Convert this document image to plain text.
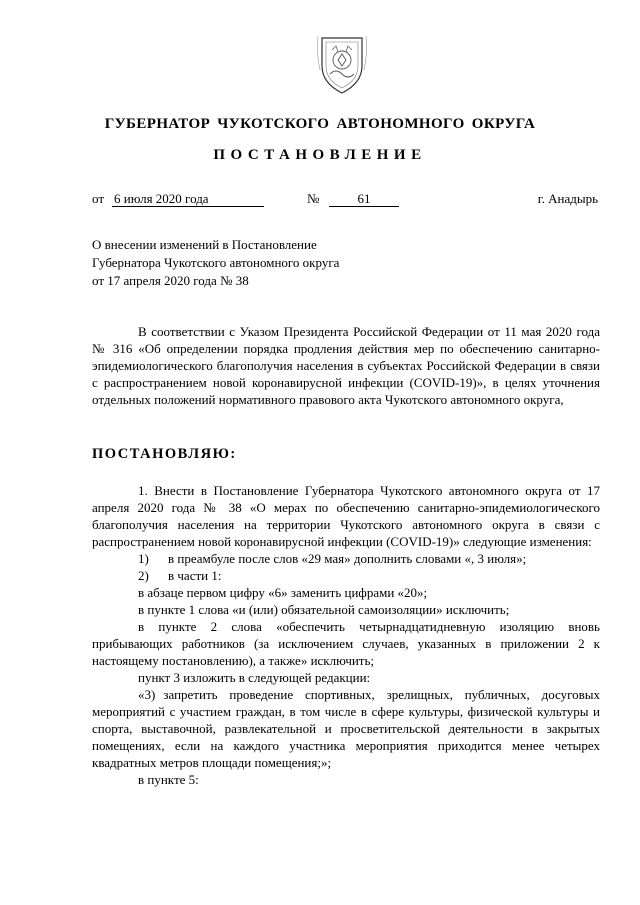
ГУБЕРНАТОР ЧУКОТСКОГО АВТОНОМНОГО ОКРУГА
ПОСТАНОВЛЕНИЕ
от 6 июля 2020 года	№	61	г. Анадырь
О внесении изменений в Постановление
Губернатора Чукотского автономного округа
от 17 апреля 2020 года № 38

В соответствии с Указом Президента Российской Федерации от 11 мая 2020 года № 316 «Об определении порядка продления действия мер по обеспечению санитарно-эпидемиологического благополучия населения в субъектах Российской Федерации в связи с распространением новой коронавирусной инфекции (COVID-19)», в целях уточнения отдельных положений нормативного правового акта Чукотского автономного округа,

ПОСТАНОВЛЯЮ:

1. Внести в Постановление Губернатора Чукотского автономного округа от 17 апреля 2020 года № 38 «О мерах по обеспечению санитарно-эпидемиологического благополучия населения на территории Чукотского автономного округа в связи с распространением новой коронавирусной инфекции (COVID-19)» следующие изменения:

1) в преамбуле после слов «29 мая» дополнить словами «, 3 июля»;

2) в части 1:

в абзаце первом цифру «6» заменить цифрами «20»;

в пункте 1 слова «и (или) обязательной самоизоляции» исключить;

в пункте 2 слова «обеспечить четырнадцатидневную изоляцию вновь прибывающих работников (за исключением случаев, указанных в приложении 2 к настоящему постановлению), а также» исключить;

пункт 3 изложить в следующей редакции:

«3) запретить проведение спортивных, зрелищных, публичных, досуговых мероприятий с участием граждан, в том числе в сфере культуры, физической культуры и спорта, выставочной, развлекательной и просветительской деятельности в закрытых помещениях, если на каждого участника мероприятия приходится менее четырех квадратных метров площади помещения;»;

в пункте 5:
